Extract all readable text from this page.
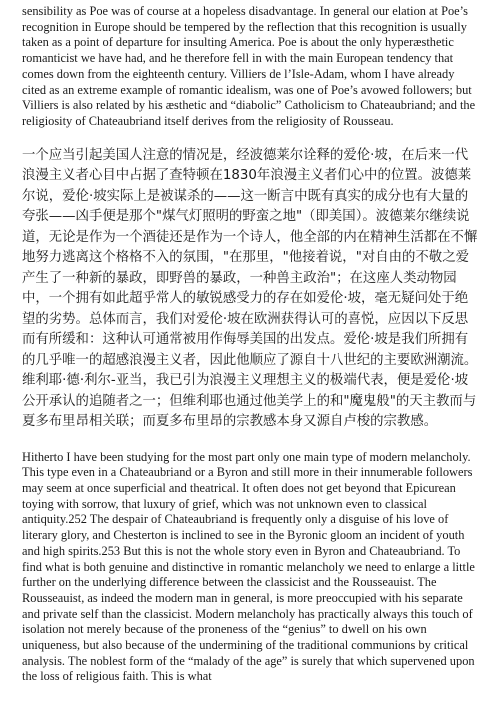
sensibility as Poe was of course at a hopeless disadvantage. In general our elation at Poe’s recognition in Europe should be tempered by the reflection that this recognition is usually taken as a point of departure for insulting America. Poe is about the only hyperæsthetic romanticist we have had, and he therefore fell in with the main European tendency that comes down from the eighteenth century. Villiers de l’Isle-Adam, whom I have already cited as an extreme example of romantic idealism, was one of Poe’s avowed followers; but Villiers is also related by his æsthetic and “diabolic” Catholicism to Chateaubriand; and the religiosity of Chateaubriand itself derives from the religiosity of Rousseau.

一个应当引起美国人注意的情况是，经波德莱尔诠释的爱伦·坡，在后来一代浪漫主义者心目中占据了查特顿在1830年浪漫主义者们心中的位置。波德莱尔说，爱伦·坡实际上是被谋杀的——这一断言中既有真实的成分也有大量的夸张——凶手便是那个"煤气灯照明的野蛮之地"（即美国）。波德莱尔继续说道，无论是作为一个酒徒还是作为一个诗人，他全部的内在精神生活都在不懈地努力逃离这个格格不入的氛围，"在那里，"他接着说，"对自由的不敬之爱产生了一种新的暴政，即野兽的暴政，一种兽主政治"；在这座人类动物园中，一个拥有如此超乎常人的敏锐感受力的存在如爱伦·坡，毫无疑问处于绝望的劣势。总体而言，我们对爱伦·坡在欧洲获得认可的喜悦，应因以下反思而有所缓和：这种认可通常被用作侮辱美国的出发点。爱伦·坡是我们所拥有的几乎唯一的超感浪漫主义者，因此他顺应了源自十八世纪的主要欧洲潮流。维利耶·德·利尔-亚当，我已引为浪漫主义理想主义的极端代表，便是爱伦·坡公开承认的追随者之一；但维利耶也通过他美学上的和"魔鬼般"的天主教而与夏多布里昂相关联；而夏多布里昂的宗教感本身又源自卢梭的宗教感。

Hitherto I have been studying for the most part only one main type of modern melancholy. This type even in a Chateaubriand or a Byron and still more in their innumerable followers may seem at once superficial and theatrical. It often does not get beyond that Epicurean toying with sorrow, that luxury of grief, which was not unknown even to classical antiquity.252 The despair of Chateaubriand is frequently only a disguise of his love of literary glory, and Chesterton is inclined to see in the Byronic gloom an incident of youth and high spirits.253 But this is not the whole story even in Byron and Chateaubriand. To find what is both genuine and distinctive in romantic melancholy we need to enlarge a little further on the underlying difference between the classicist and the Rousseauist. The Rousseauist, as indeed the modern man in general, is more preoccupied with his separate and private self than the classicist. Modern melancholy has practically always this touch of isolation not merely because of the proneness of the “genius” to dwell on his own uniqueness, but also because of the undermining of the traditional communions by critical analysis. The noblest form of the “malady of the age” is surely that which supervened upon the loss of religious faith. This is what
